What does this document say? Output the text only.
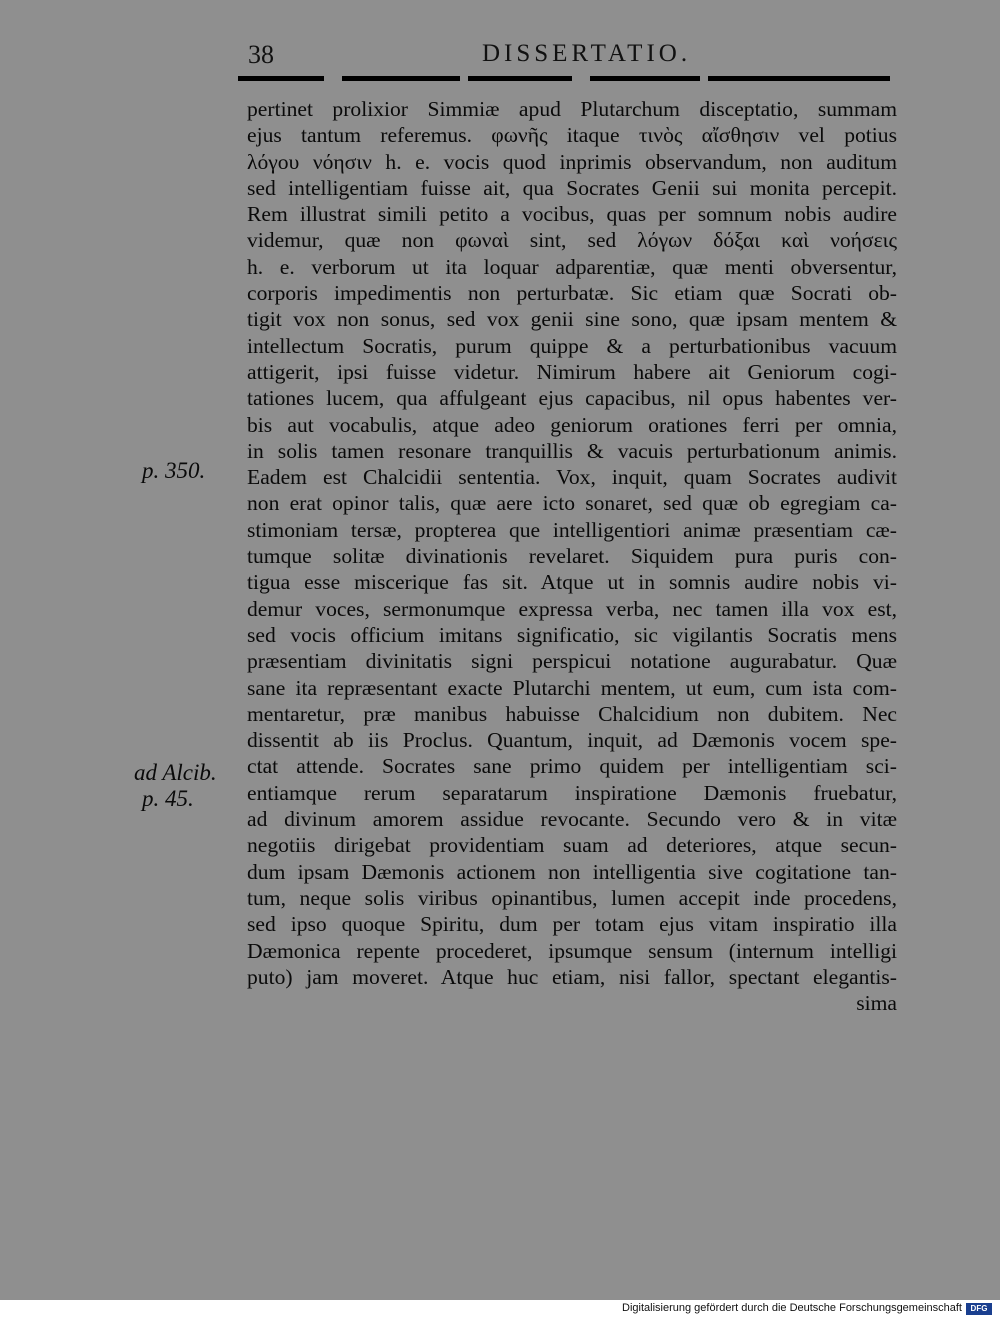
38	DISSERTATIO.
p. 350.
ad Alcib.
p. 45.
pertinet prolixior Simmiæ apud Plutarchum disceptatio, summam
ejus tantum referemus. φωνῆς itaque τινὸς αἴσθησιν vel potius
λόγου νόησιν h. e. vocis quod inprimis observandum, non auditum
sed intelligentiam fuisse ait, qua Socrates Genii sui monita percepit.
Rem illustrat simili petito a vocibus, quas per somnum nobis audire
videmur, quæ non φωναὶ sint, sed λόγων δόξαι καὶ νοήσεις
h. e. verborum ut ita loquar adparentiæ, quæ menti obversentur,
corporis impedimentis non perturbatæ. Sic etiam quæ Socrati ob-
tigit vox non sonus, sed vox genii sine sono, quæ ipsam mentem &
intellectum Socratis, purum quippe & a perturbationibus vacuum
attigerit, ipsi fuisse videtur. Nimirum habere ait Geniorum cogi-
tationes lucem, qua affulgeant ejus capacibus, nil opus habentes ver-
bis aut vocabulis, atque adeo geniorum orationes ferri per omnia,
in solis tamen resonare tranquillis & vacuis perturbationum animis.
Eadem est Chalcidii sententia. Vox, inquit, quam Socrates audivit
non erat opinor talis, quæ aere icto sonaret, sed quæ ob egregiam ca-
stimoniam tersæ, propterea que intelligentiori animæ præsentiam cæ-
tumque solitæ divinationis revelaret. Siquidem pura puris con-
tigua esse miscerique fas sit. Atque ut in somnis audire nobis vi-
demur voces, sermonumque expressa verba, nec tamen illa vox est,
sed vocis officium imitans significatio, sic vigilantis Socratis mens
præsentiam divinitatis signi perspicui notatione augurabatur. Quæ
sane ita repræsentant exacte Plutarchi mentem, ut eum, cum ista com-
mentaretur, præ manibus habuisse Chalcidium non dubitem. Nec
dissentit ab iis Proclus. Quantum, inquit, ad Dæmonis vocem spe-
ctat attende. Socrates sane primo quidem per intelligentiam sci-
entiamque rerum separatarum inspiratione Dæmonis fruebatur,
ad divinum amorem assidue revocante. Secundo vero & in vitæ
negotiis dirigebat providentiam suam ad deteriores, atque secun-
dum ipsam Dæmonis actionem non intelligentia sive cogitatione tan-
tum, neque solis viribus opinantibus, lumen accepit inde procedens,
sed ipso quoque Spiritu, dum per totam ejus vitam inspiratio illa
Dæmonica repente procederet, ipsumque sensum (internum intelligi
puto) jam moveret. Atque huc etiam, nisi fallor, spectant elegantis-
sima
Digitalisierung gefördert durch die Deutsche Forschungsgemeinschaft	DFG
